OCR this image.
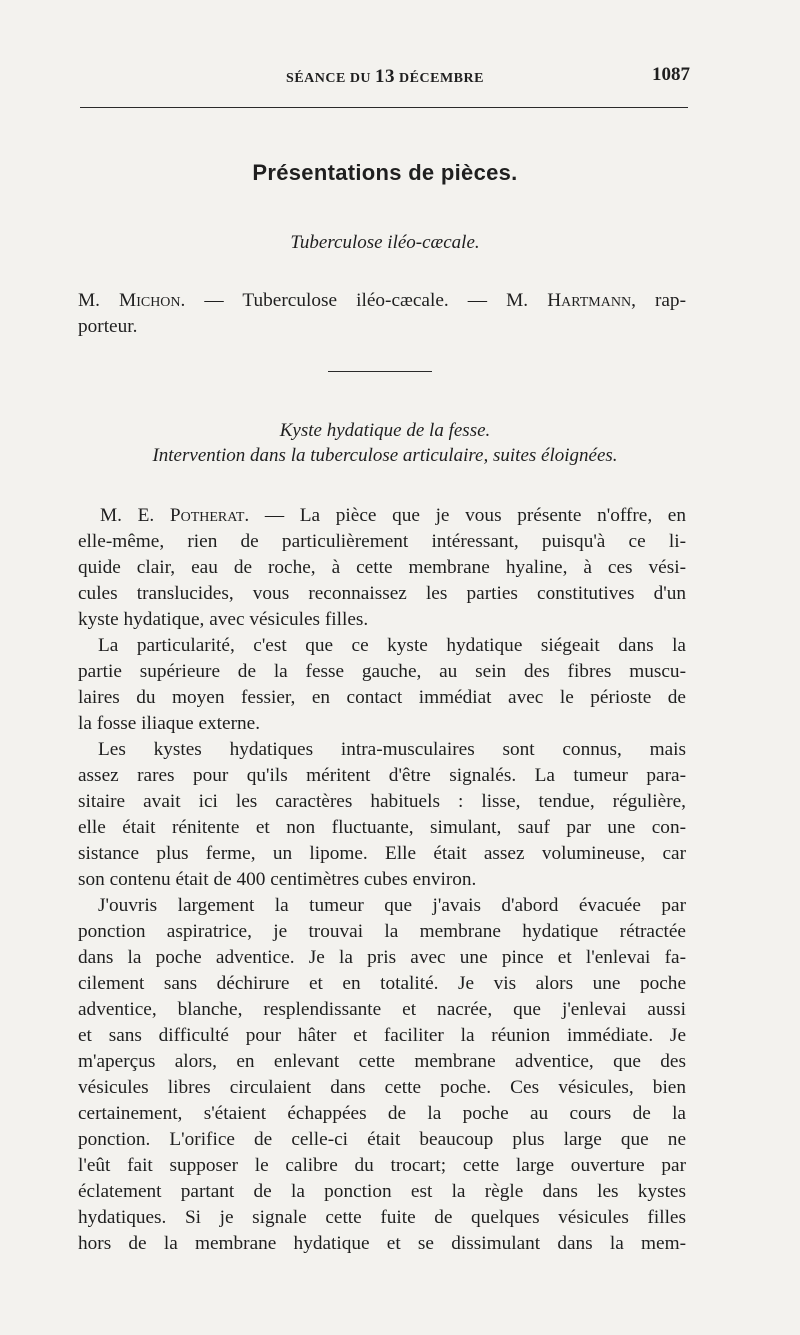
SÉANCE DU 13 DÉCEMBRE	1087
Présentations de pièces.
Tuberculose iléo-cæcale.
M. Michon. — Tuberculose iléo-cæcale. — M. Hartmann, rap-
porteur.
Kyste hydatique de la fesse.
Intervention dans la tuberculose articulaire, suites éloignées.
M. E. Potherat. — La pièce que je vous présente n'offre, en
elle-même, rien de particulièrement intéressant, puisqu'à ce li-
quide clair, eau de roche, à cette membrane hyaline, à ces vési-
cules translucides, vous reconnaissez les parties constitutives d'un
kyste hydatique, avec vésicules filles.
La particularité, c'est que ce kyste hydatique siégeait dans la
partie supérieure de la fesse gauche, au sein des fibres muscu-
laires du moyen fessier, en contact immédiat avec le périoste de
la fosse iliaque externe.
Les kystes hydatiques intra-musculaires sont connus, mais
assez rares pour qu'ils méritent d'être signalés. La tumeur para-
sitaire avait ici les caractères habituels : lisse, tendue, régulière,
elle était rénitente et non fluctuante, simulant, sauf par une con-
sistance plus ferme, un lipome. Elle était assez volumineuse, car
son contenu était de 400 centimètres cubes environ.
J'ouvris largement la tumeur que j'avais d'abord évacuée par
ponction aspiratrice, je trouvai la membrane hydatique rétractée
dans la poche adventice. Je la pris avec une pince et l'enlevai fa-
cilement sans déchirure et en totalité. Je vis alors une poche
adventice, blanche, resplendissante et nacrée, que j'enlevai aussi
et sans difficulté pour hâter et faciliter la réunion immédiate. Je
m'aperçus alors, en enlevant cette membrane adventice, que des
vésicules libres circulaient dans cette poche. Ces vésicules, bien
certainement, s'étaient échappées de la poche au cours de la
ponction. L'orifice de celle-ci était beaucoup plus large que ne
l'eût fait supposer le calibre du trocart; cette large ouverture par
éclatement partant de la ponction est la règle dans les kystes
hydatiques. Si je signale cette fuite de quelques vésicules filles
hors de la membrane hydatique et se dissimulant dans la mem-
